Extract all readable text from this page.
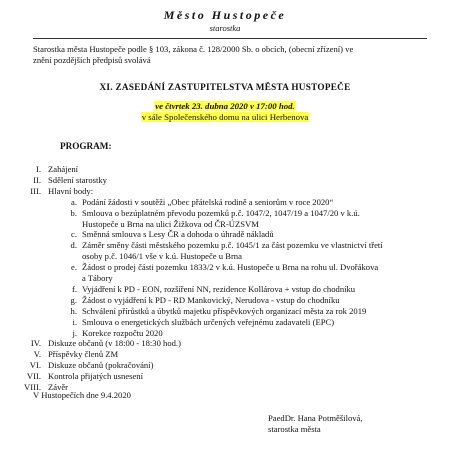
Město Hustopeče
starostka
Starostka města Hustopeče podle § 103, zákona č. 128/2000 Sb. o obcích, (obecní zřízení) ve
znění pozdějších předpisů svolává
XI. ZASEDÁNÍ ZASTUPITELSTVA MĚSTA HUSTOPEČE
ve čtvrtek 23. dubna 2020 v 17:00 hod.
v sále Společenského domu na ulici Herbenova
PROGRAM:
I. Zahájení
II. Sdělení starostky
III. Hlavní body:
a. Podání žádosti v soutěži „Obec přátelská rodině a seniorům v roce 2020“
b. Smlouva o bezúplatném převodu pozemků p.č. 1047/2, 1047/19 a 1047/20 v k.ú.
Hustopeče u Brna na ulici Žižkova od ČR-ÚZSVM
c. Směnná smlouva s Lesy ČR a dohoda o úhradě nákladů
d. Záměr směny části městského pozemku p.č. 1045/1 za část pozemku ve vlastnictví třetí
osoby p.č. 1046/1 vše v k.ú. Hustopeče u Brna
e. Žádost o prodej části pozemku 1833/2 v k.ú. Hustopeče u Brna na rohu ul. Dvořákova
a Tábory
f. Vyjádření k PD - EON, rozšíření NN, rezidence Kollárova + vstup do chodníku
g. Žádost o vyjádření k PD - RD Mankovický, Nerudova - vstup do chodníku
h. Schválení přírůstků a úbytků majetku příspěvkových organizací města za rok 2019
i. Smlouva o energetických službách určených veřejnému zadavateli (EPC)
j. Korekce rozpočtu 2020
IV. Diskuze občanů (v 18:00 - 18:30 hod.)
V. Příspěvky členů ZM
VI. Diskuze občanů (pokračování)
VII. Kontrola přijatých usnesení
VIII. Závěr
V Hustopečích dne 9.4.2020
PaedDr. Hana Potměšilová,
starostka města
